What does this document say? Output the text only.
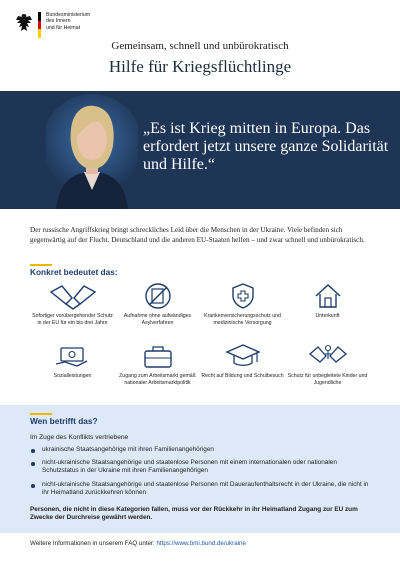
Bundesministerium
des Innern
und für Heimat
Gemeinsam, schnell und unbürokratisch
Hilfe für Kriegsflüchtlinge
„Es ist Krieg mitten in Europa. Das erfordert jetzt unsere ganze Solidarität und Hilfe.“
Der russische Angriffskrieg bringt schreckliches Leid über die Menschen in der Ukraine. Viele befinden sich gegenwärtig auf der Flucht. Deutschland und die anderen EU-Staaten helfen – und zwar schnell und unbürokratisch.
Konkret bedeutet das:
Sofortiger vorübergehender Schutz in der EU für ein bis drei Jahre
Aufnahme ohne aufwändiges Asylverfahren
Krankenversicherungsschutz und medizinische Versorgung
Unterkunft
Sozialleistungen	Zugang zum Arbeitsmarkt gemäß nationaler Arbeitsmarktpolitik
Recht auf Bildung und Schulbesuch Schutz für unbegleitete Kinder und Jugendliche
Wen betrifft das?
Im Zuge des Konflikts vertriebene
ukrainische Staatsangehörige mit ihren Familienangehörigen
nicht-ukrainische Staatsangehörige und staatenlose Personen mit einem internationalen oder nationalen Schutzstatus in der Ukraine mit ihren Familienangehörigen
nicht-ukrainische Staatsangehörige und staatenlose Personen mit Daueraufenthaltsrecht in der Ukraine, die nicht in ihr Heimatland zurückkehren können
Personen, die nicht in diese Kategorien fallen, muss vor der Rückkehr in ihr Heimatland Zugang zur EU zum Zwecke der Durchreise gewährt werden.
Weitere Informationen in unserem FAQ unter: https://www.bmi.bund.de/ukraine
